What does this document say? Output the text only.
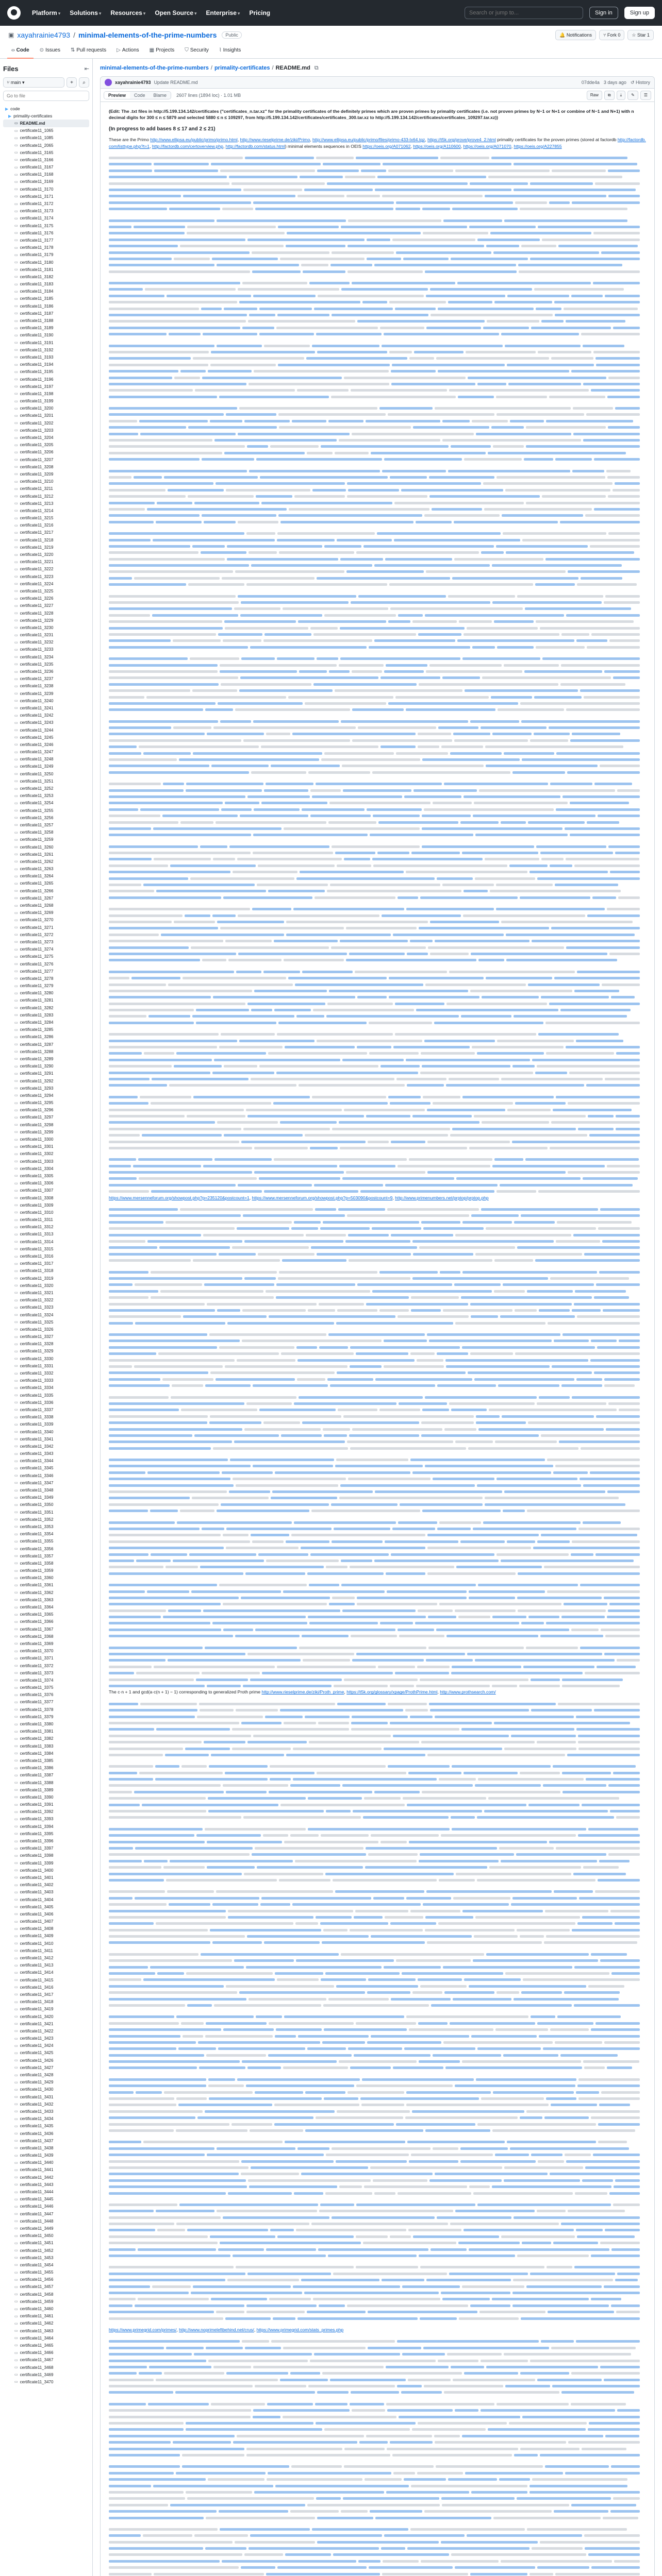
Platform ▾ Solutions ▾ Resources ▾ Open Source ▾ Enterprise ▾ Pricing
Search or jump to...	Sign in	Sign up
▣ xayahrainie4793 / minimal-elements-of-the-prime-numbers	Public	🔔
Notifications ⑂
Fork 0 ☆
Star 1
‹› Code	⊙ Issues	⇅ Pull requests	▷ Actions	▦ Projects	⛉ Security	⌇ Insights
Files	⇤
⑂
main ▾	+	⌕
Go to file
▶ code
▶ primality-certificates
▭ README.md
▭ certificate11_1065
▭ certificate11_1085
▭ certificate11_2065
▭ certificate11_3165
▭ certificate11_3166
▭ certificate11_3167
▭ certificate11_3168
▭ certificate11_3169
▭ certificate11_3170
▭ certificate11_3171
▭ certificate11_3172
▭ certificate11_3173
▭ certificate11_3174
▭ certificate11_3175
▭ certificate11_3176
▭ certificate11_3177
▭ certificate11_3178
▭ certificate11_3179
▭ certificate11_3180
▭ certificate11_3181
▭ certificate11_3182
▭ certificate11_3183
▭ certificate11_3184
▭ certificate11_3185
▭ certificate11_3186
▭ certificate11_3187
▭ certificate11_3188
▭ certificate11_3189
▭ certificate11_3190
▭ certificate11_3191
▭ certificate11_3192
▭ certificate11_3193
▭ certificate11_3194
▭ certificate11_3195
▭ certificate11_3196
▭ certificate11_3197
▭ certificate11_3198
▭ certificate11_3199
▭ certificate11_3200
▭ certificate11_3201
▭ certificate11_3202
▭ certificate11_3203
▭ certificate11_3204
▭ certificate11_3205
▭ certificate11_3206
▭ certificate11_3207
▭ certificate11_3208
▭ certificate11_3209
▭ certificate11_3210
▭ certificate11_3211
▭ certificate11_3212
▭ certificate11_3213
▭ certificate11_3214
▭ certificate11_3215
▭ certificate11_3216
▭ certificate11_3217
▭ certificate11_3218
▭ certificate11_3219
▭ certificate11_3220
▭ certificate11_3221
▭ certificate11_3222
▭ certificate11_3223
▭ certificate11_3224
▭ certificate11_3225
▭ certificate11_3226
▭ certificate11_3227
▭ certificate11_3228
▭ certificate11_3229
▭ certificate11_3230
▭ certificate11_3231
▭ certificate11_3232
▭ certificate11_3233
▭ certificate11_3234
▭ certificate11_3235
▭ certificate11_3236
▭ certificate11_3237
▭ certificate11_3238
▭ certificate11_3239
▭ certificate11_3240
▭ certificate11_3241
▭ certificate11_3242
▭ certificate11_3243
▭ certificate11_3244
▭ certificate11_3245
▭ certificate11_3246
▭ certificate11_3247
▭ certificate11_3248
▭ certificate11_3249
▭ certificate11_3250
▭ certificate11_3251
▭ certificate11_3252
▭ certificate11_3253
▭ certificate11_3254
▭ certificate11_3255
▭ certificate11_3256
▭ certificate11_3257
▭ certificate11_3258
▭ certificate11_3259
▭ certificate11_3260
▭ certificate11_3261
▭ certificate11_3262
▭ certificate11_3263
▭ certificate11_3264
▭ certificate11_3265
▭ certificate11_3266
▭ certificate11_3267
▭ certificate11_3268
▭ certificate11_3269
▭ certificate11_3270
▭ certificate11_3271
▭ certificate11_3272
▭ certificate11_3273
▭ certificate11_3274
▭ certificate11_3275
▭ certificate11_3276
▭ certificate11_3277
▭ certificate11_3278
▭ certificate11_3279
▭ certificate11_3280
▭ certificate11_3281
▭ certificate11_3282
▭ certificate11_3283
▭ certificate11_3284
▭ certificate11_3285
▭ certificate11_3286
▭ certificate11_3287
▭ certificate11_3288
▭ certificate11_3289
▭ certificate11_3290
▭ certificate11_3291
▭ certificate11_3292
▭ certificate11_3293
▭ certificate11_3294
▭ certificate11_3295
▭ certificate11_3296
▭ certificate11_3297
▭ certificate11_3298
▭ certificate11_3299
▭ certificate11_3300
▭ certificate11_3301
▭ certificate11_3302
▭ certificate11_3303
▭ certificate11_3304
▭ certificate11_3305
▭ certificate11_3306
▭ certificate11_3307
▭ certificate11_3308
▭ certificate11_3309
▭ certificate11_3310
▭ certificate11_3311
▭ certificate11_3312
▭ certificate11_3313
▭ certificate11_3314
▭ certificate11_3315
▭ certificate11_3316
▭ certificate11_3317
▭ certificate11_3318
▭ certificate11_3319
▭ certificate11_3320
▭ certificate11_3321
▭ certificate11_3322
▭ certificate11_3323
▭ certificate11_3324
▭ certificate11_3325
▭ certificate11_3326
▭ certificate11_3327
▭ certificate11_3328
▭ certificate11_3329
▭ certificate11_3330
▭ certificate11_3331
▭ certificate11_3332
▭ certificate11_3333
▭ certificate11_3334
▭ certificate11_3335
▭ certificate11_3336
▭ certificate11_3337
▭ certificate11_3338
▭ certificate11_3339
▭ certificate11_3340
▭ certificate11_3341
▭ certificate11_3342
▭ certificate11_3343
▭ certificate11_3344
▭ certificate11_3345
▭ certificate11_3346
▭ certificate11_3347
▭ certificate11_3348
▭ certificate11_3349
▭ certificate11_3350
▭ certificate11_3351
▭ certificate11_3352
▭ certificate11_3353
▭ certificate11_3354
▭ certificate11_3355
▭ certificate11_3356
▭ certificate11_3357
▭ certificate11_3358
▭ certificate11_3359
▭ certificate11_3360
▭ certificate11_3361
▭ certificate11_3362
▭ certificate11_3363
▭ certificate11_3364
▭ certificate11_3365
▭ certificate11_3366
▭ certificate11_3367
▭ certificate11_3368
▭ certificate11_3369
▭ certificate11_3370
▭ certificate11_3371
▭ certificate11_3372
▭ certificate11_3373
▭ certificate11_3374
▭ certificate11_3375
▭ certificate11_3376
▭ certificate11_3377
▭ certificate11_3378
▭ certificate11_3379
▭ certificate11_3380
▭ certificate11_3381
▭ certificate11_3382
▭ certificate11_3383
▭ certificate11_3384
▭ certificate11_3385
▭ certificate11_3386
▭ certificate11_3387
▭ certificate11_3388
▭ certificate11_3389
▭ certificate11_3390
▭ certificate11_3391
▭ certificate11_3392
▭ certificate11_3393
▭ certificate11_3394
▭ certificate11_3395
▭ certificate11_3396
▭ certificate11_3397
▭ certificate11_3398
▭ certificate11_3399
▭ certificate11_3400
▭ certificate11_3401
▭ certificate11_3402
▭ certificate11_3403
▭ certificate11_3404
▭ certificate11_3405
▭ certificate11_3406
▭ certificate11_3407
▭ certificate11_3408
▭ certificate11_3409
▭ certificate11_3410
▭ certificate11_3411
▭ certificate11_3412
▭ certificate11_3413
▭ certificate11_3414
▭ certificate11_3415
▭ certificate11_3416
▭ certificate11_3417
▭ certificate11_3418
▭ certificate11_3419
▭ certificate11_3420
▭ certificate11_3421
▭ certificate11_3422
▭ certificate11_3423
▭ certificate11_3424
▭ certificate11_3425
▭ certificate11_3426
▭ certificate11_3427
▭ certificate11_3428
▭ certificate11_3429
▭ certificate11_3430
▭ certificate11_3431
▭ certificate11_3432
▭ certificate11_3433
▭ certificate11_3434
▭ certificate11_3435
▭ certificate11_3436
▭ certificate11_3437
▭ certificate11_3438
▭ certificate11_3439
▭ certificate11_3440
▭ certificate11_3441
▭ certificate11_3442
▭ certificate11_3443
▭ certificate11_3444
▭ certificate11_3445
▭ certificate11_3446
▭ certificate11_3447
▭ certificate11_3448
▭ certificate11_3449
▭ certificate11_3450
▭ certificate11_3451
▭ certificate11_3452
▭ certificate11_3453
▭ certificate11_3454
▭ certificate11_3455
▭ certificate11_3456
▭ certificate11_3457
▭ certificate11_3458
▭ certificate11_3459
▭ certificate11_3460
▭ certificate11_3461
▭ certificate11_3462
▭ certificate11_3463
▭ certificate11_3464
▭ certificate11_3465
▭ certificate11_3466
▭ certificate11_3467
▭ certificate11_3468
▭ certificate11_3469
▭ certificate11_3470
minimal-elements-of-the-prime-numbers / primality-certificates / README.md ⧉
xayahrainie4793 Update README.md	07dde4a 3 days ago ↺ History
Preview	Code	Blame	2607 lines (1894 loc) · 1.01 MB	Raw	⧉	⤓	✎	☰

(Edit: The .txt files in http://5.199.134.142/certificates ("certificates_n.tar.xz" for the primality certificates of the definitely primes which are proven primes by primality certificates (i.e. not proven primes by N−1 or N+1 or combine of N−1 and N+1) with n decimal digits for 300 ≤ n ≤ 5879 and selected 5880 ≤ n ≤ 109297, from http://5.199.134.142/certificates/certificates_300.tar.xz to http://5.199.134.142/certificates/certificates_109297.tar.xz))

(In progress to add bases 8 ≤ 17 and 2 ≤ 21)

These are the Primo http://www.ellipsa.eu/public/primo/primo.html, http://www.rieselprime.de/ziki/Primo, http://www.ellipsa.eu/public/primo/files/primo-433-lx64.tgz, https://t5k.org/prove/prove4_2.html primality certificates for the proven primes (stored at factordb http://factordb.com/listtype.php?t=1, http://factordb.com/certoverview.php, http://factordb.com/status.html) minimal elements sequences in OEIS https://oeis.org/A071062, https://oeis.org/A110600, https://oeis.org/A071070, https://oeis.org/A227855

https://www.mersenneforum.org/showpost.php?p=235120&postcount=1, https://www.mersenneforum.org/showpost.php?p=503090&postcount=9, http://www.primenumbers.net/prptop/prptop.php

The c·n + 1 and gcd(a·c(n + 1) − 1) corresponding to generalized Proth prime http://www.rieselprime.de/ziki/Proth_prime, https://t5k.org/glossary/xpage/ProthPrime.html, http://www.prothsearch.com/

https://www.primegrid.com/primes/, http://www.noprimeleftbehind.net/crus/, https://www.primegrid.com/stats_primes.php
